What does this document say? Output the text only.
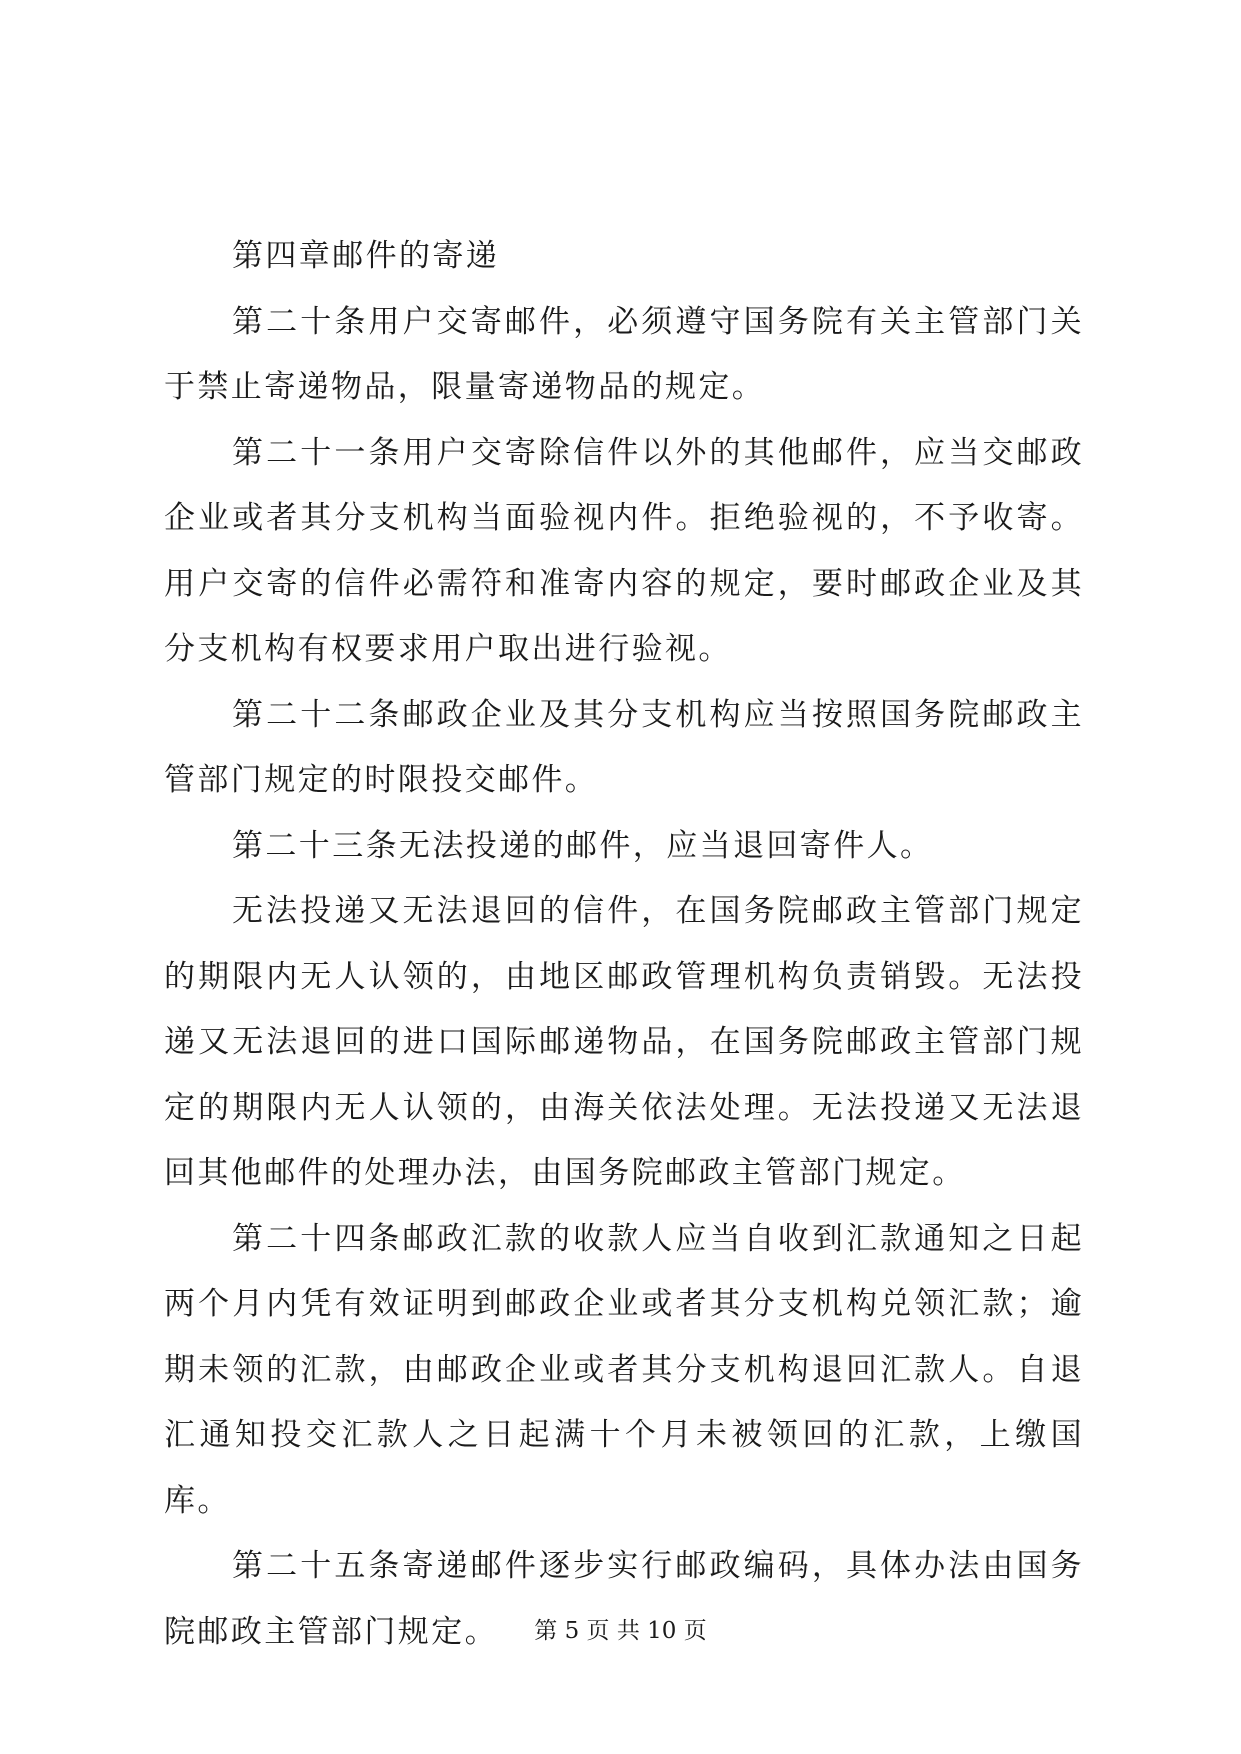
第四章邮件的寄递

第二十条用户交寄邮件，必须遵守国务院有关主管部门关于禁止寄递物品，限量寄递物品的规定。

第二十一条用户交寄除信件以外的其他邮件，应当交邮政企业或者其分支机构当面验视内件。拒绝验视的，不予收寄。用户交寄的信件必需符和准寄内容的规定，要时邮政企业及其分支机构有权要求用户取出进行验视。

第二十二条邮政企业及其分支机构应当按照国务院邮政主管部门规定的时限投交邮件。

第二十三条无法投递的邮件，应当退回寄件人。

无法投递又无法退回的信件，在国务院邮政主管部门规定的期限内无人认领的，由地区邮政管理机构负责销毁。无法投递又无法退回的进口国际邮递物品，在国务院邮政主管部门规定的期限内无人认领的，由海关依法处理。无法投递又无法退回其他邮件的处理办法，由国务院邮政主管部门规定。

第二十四条邮政汇款的收款人应当自收到汇款通知之日起两个月内凭有效证明到邮政企业或者其分支机构兑领汇款；逾期未领的汇款，由邮政企业或者其分支机构退回汇款人。自退汇通知投交汇款人之日起满十个月未被领回的汇款，上缴国库。

第二十五条寄递邮件逐步实行邮政编码，具体办法由国务院邮政主管部门规定。	第 5 页 共 10 页
